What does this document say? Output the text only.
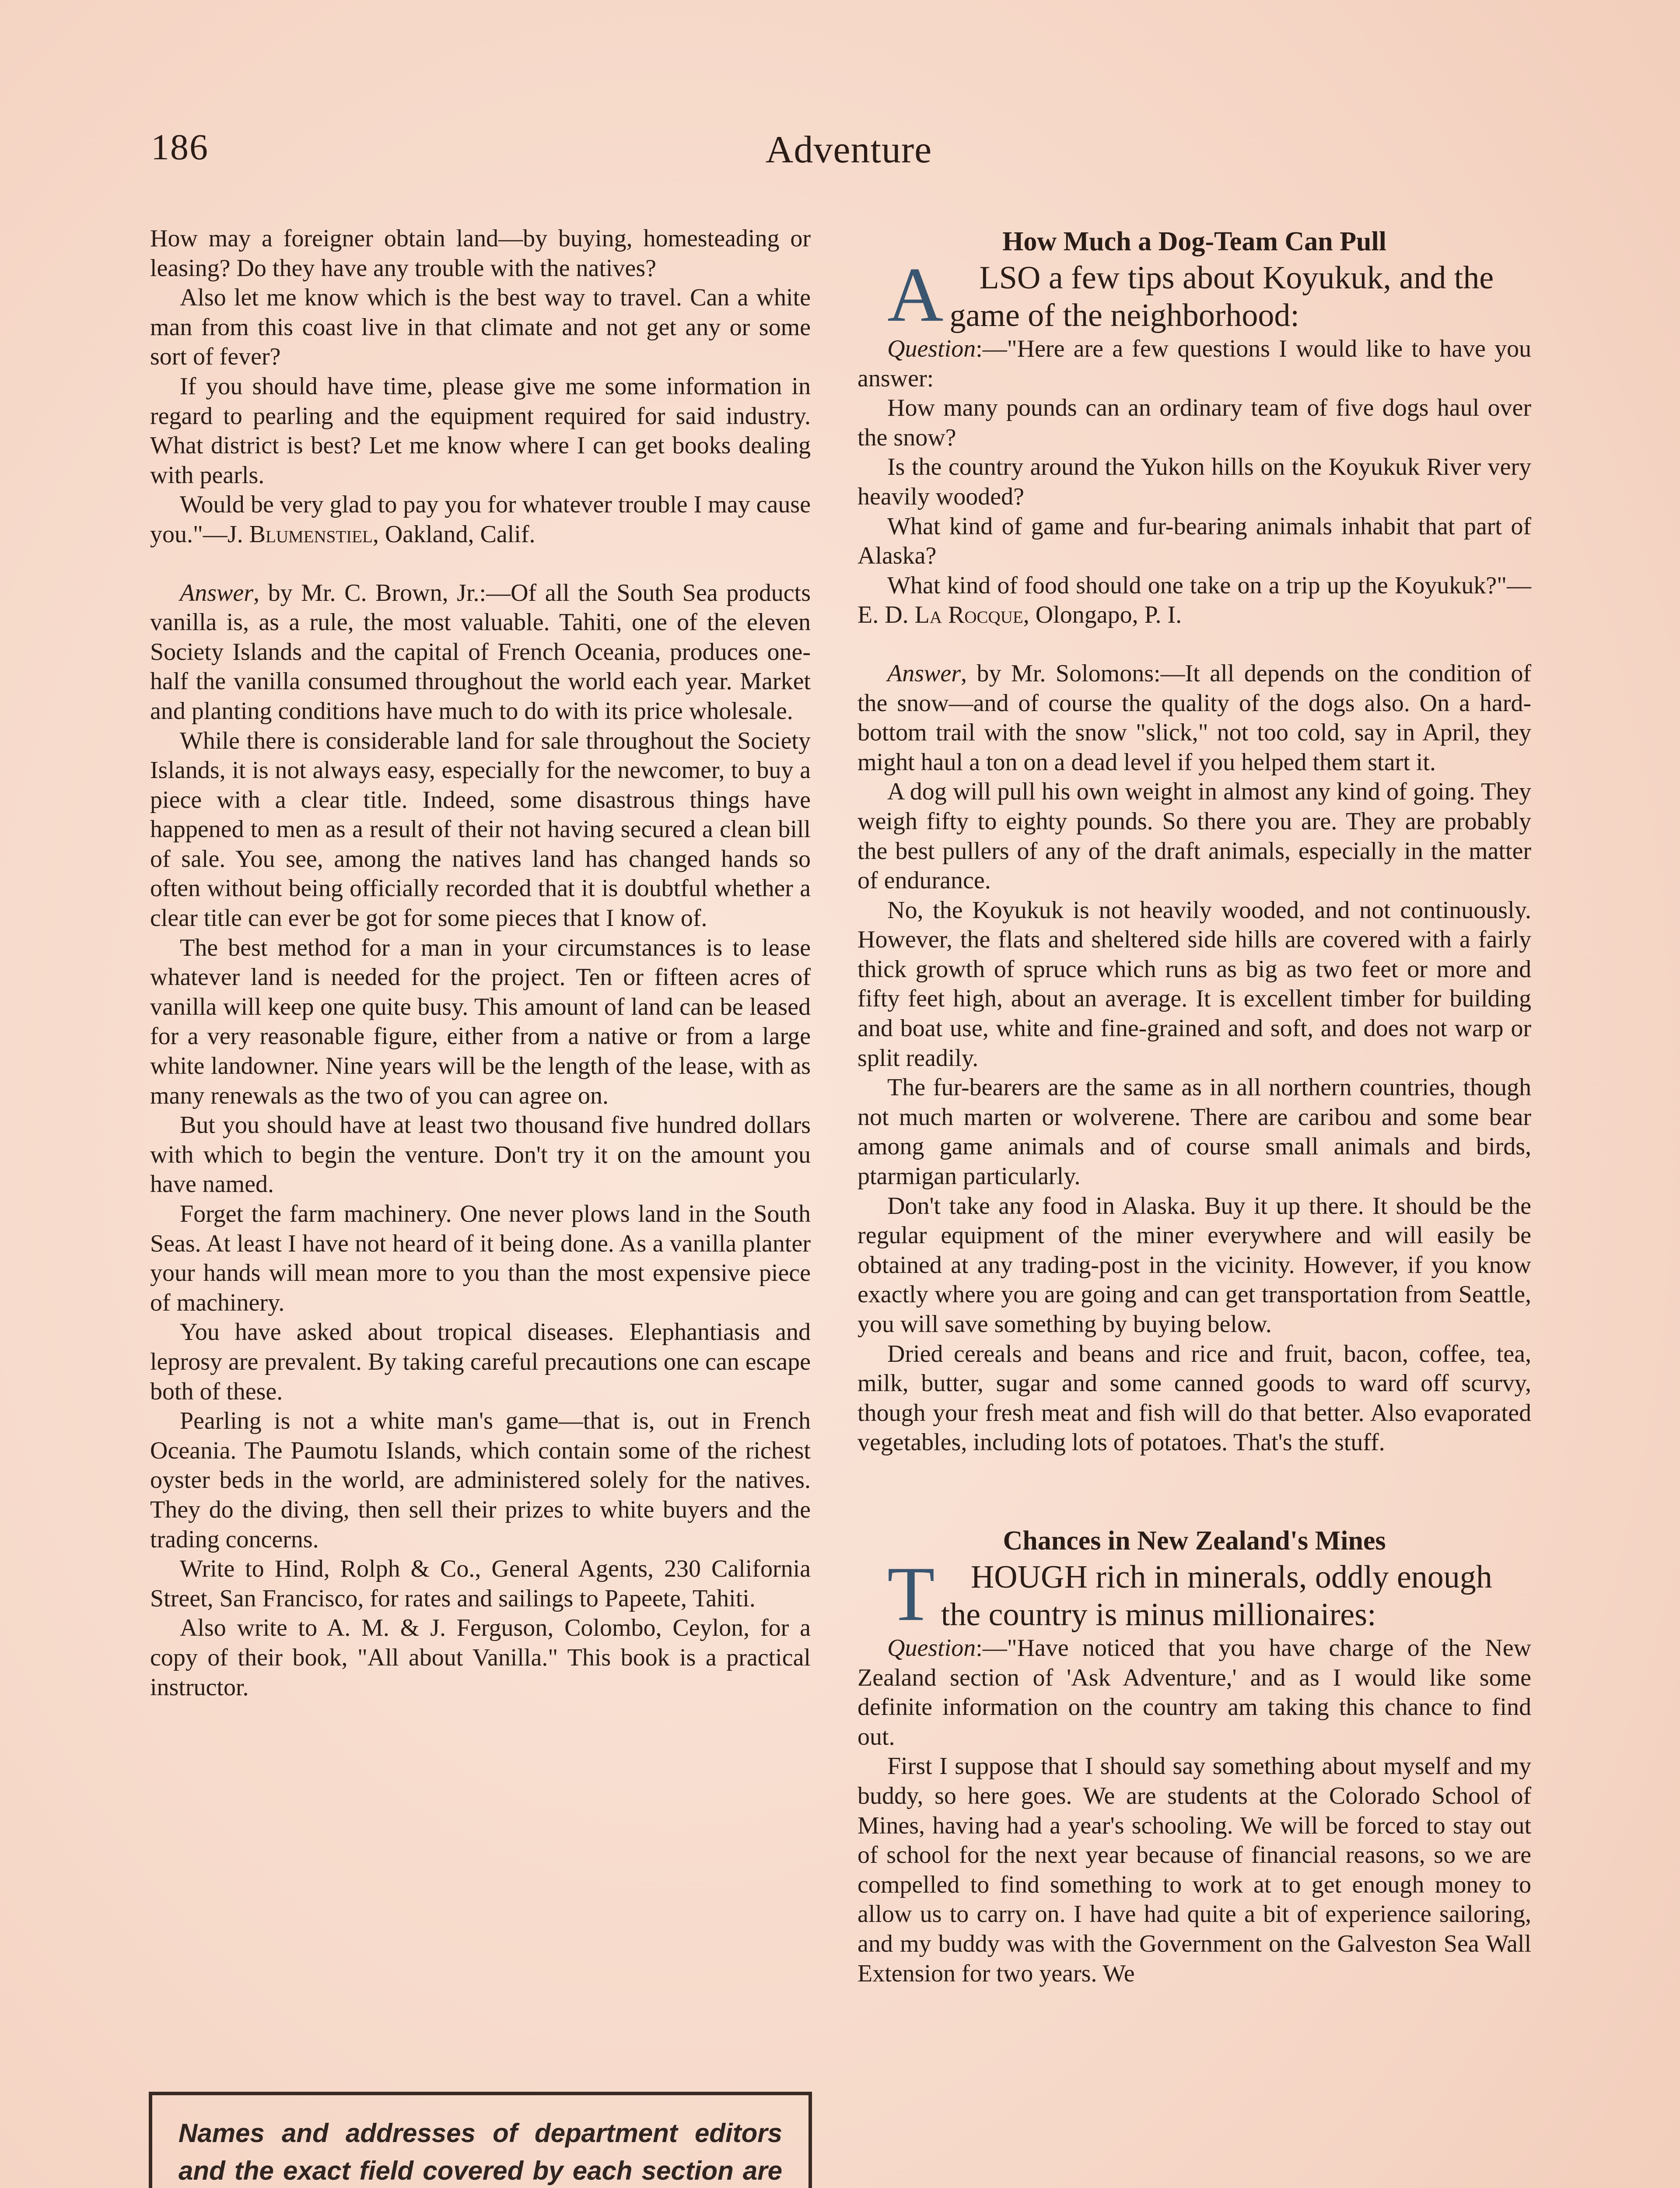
186	Adventure

How may a foreigner obtain land—by buying, homesteading or leasing? Do they have any trouble with the natives?

Also let me know which is the best way to travel. Can a white man from this coast live in that climate and not get any or some sort of fever?

If you should have time, please give me some information in regard to pearling and the equipment required for said industry. What district is best? Let me know where I can get books dealing with pearls.

Would be very glad to pay you for whatever trouble I may cause you."—J. Blumenstiel, Oakland, Calif.

Answer, by Mr. C. Brown, Jr.:—Of all the South Sea products vanilla is, as a rule, the most valuable. Tahiti, one of the eleven Society Islands and the capital of French Oceania, produces one-half the vanilla consumed throughout the world each year. Market and planting conditions have much to do with its price wholesale.

While there is considerable land for sale throughout the Society Islands, it is not always easy, especially for the newcomer, to buy a piece with a clear title. Indeed, some disastrous things have happened to men as a result of their not having secured a clean bill of sale. You see, among the natives land has changed hands so often without being officially recorded that it is doubtful whether a clear title can ever be got for some pieces that I know of.

The best method for a man in your circumstances is to lease whatever land is needed for the project. Ten or fifteen acres of vanilla will keep one quite busy. This amount of land can be leased for a very reasonable figure, either from a native or from a large white landowner. Nine years will be the length of the lease, with as many renewals as the two of you can agree on.

But you should have at least two thousand five hundred dollars with which to begin the venture. Don't try it on the amount you have named.

Forget the farm machinery. One never plows land in the South Seas. At least I have not heard of it being done. As a vanilla planter your hands will mean more to you than the most expensive piece of machinery.

You have asked about tropical diseases. Elephantiasis and leprosy are prevalent. By taking careful precautions one can escape both of these.

Pearling is not a white man's game—that is, out in French Oceania. The Paumotu Islands, which contain some of the richest oyster beds in the world, are administered solely for the natives. They do the diving, then sell their prizes to white buyers and the trading concerns.

Write to Hind, Rolph & Co., General Agents, 230 California Street, San Francisco, for rates and sailings to Papeete, Tahiti.

Also write to A. M. & J. Ferguson, Colombo, Ceylon, for a copy of their book, "All about Vanilla." This book is a practical instructor.

Names and addresses of department editors and the exact field covered by each section are
How Much a Dog-Team Can Pull

A LSO a few tips about Koyukuk, and the game of the neighborhood:

Question:—"Here are a few questions I would like to have you answer:

How many pounds can an ordinary team of five dogs haul over the snow?

Is the country around the Yukon hills on the Koyukuk River very heavily wooded?

What kind of game and fur-bearing animals inhabit that part of Alaska?

What kind of food should one take on a trip up the Koyukuk?"—E. D. La Rocque, Olongapo, P. I.

Answer, by Mr. Solomons:—It all depends on the condition of the snow—and of course the quality of the dogs also. On a hard-bottom trail with the snow "slick," not too cold, say in April, they might haul a ton on a dead level if you helped them start it.

A dog will pull his own weight in almost any kind of going. They weigh fifty to eighty pounds. So there you are. They are probably the best pullers of any of the draft animals, especially in the matter of endurance.

No, the Koyukuk is not heavily wooded, and not continuously. However, the flats and sheltered side hills are covered with a fairly thick growth of spruce which runs as big as two feet or more and fifty feet high, about an average. It is excellent timber for building and boat use, white and fine-grained and soft, and does not warp or split readily.

The fur-bearers are the same as in all northern countries, though not much marten or wolverene. There are caribou and some bear among game animals and of course small animals and birds, ptarmigan particularly.

Don't take any food in Alaska. Buy it up there. It should be the regular equipment of the miner everywhere and will easily be obtained at any trading-post in the vicinity. However, if you know exactly where you are going and can get transportation from Seattle, you will save something by buying below.

Dried cereals and beans and rice and fruit, bacon, coffee, tea, milk, butter, sugar and some canned goods to ward off scurvy, though your fresh meat and fish will do that better. Also evaporated vegetables, including lots of potatoes. That's the stuff.

Chances in New Zealand's Mines

T HOUGH rich in minerals, oddly enough the country is minus millionaires:

Question:—"Have noticed that you have charge of the New Zealand section of 'Ask Adventure,' and as I would like some definite information on the country am taking this chance to find out.

First I suppose that I should say something about myself and my buddy, so here goes. We are students at the Colorado School of Mines, having had a year's schooling. We will be forced to stay out of school for the next year because of financial reasons, so we are compelled to find something to work at to get enough money to allow us to carry on. I have had quite a bit of experience sailoring, and my buddy was with the Government on the Galveston Sea Wall Extension for two years. We
